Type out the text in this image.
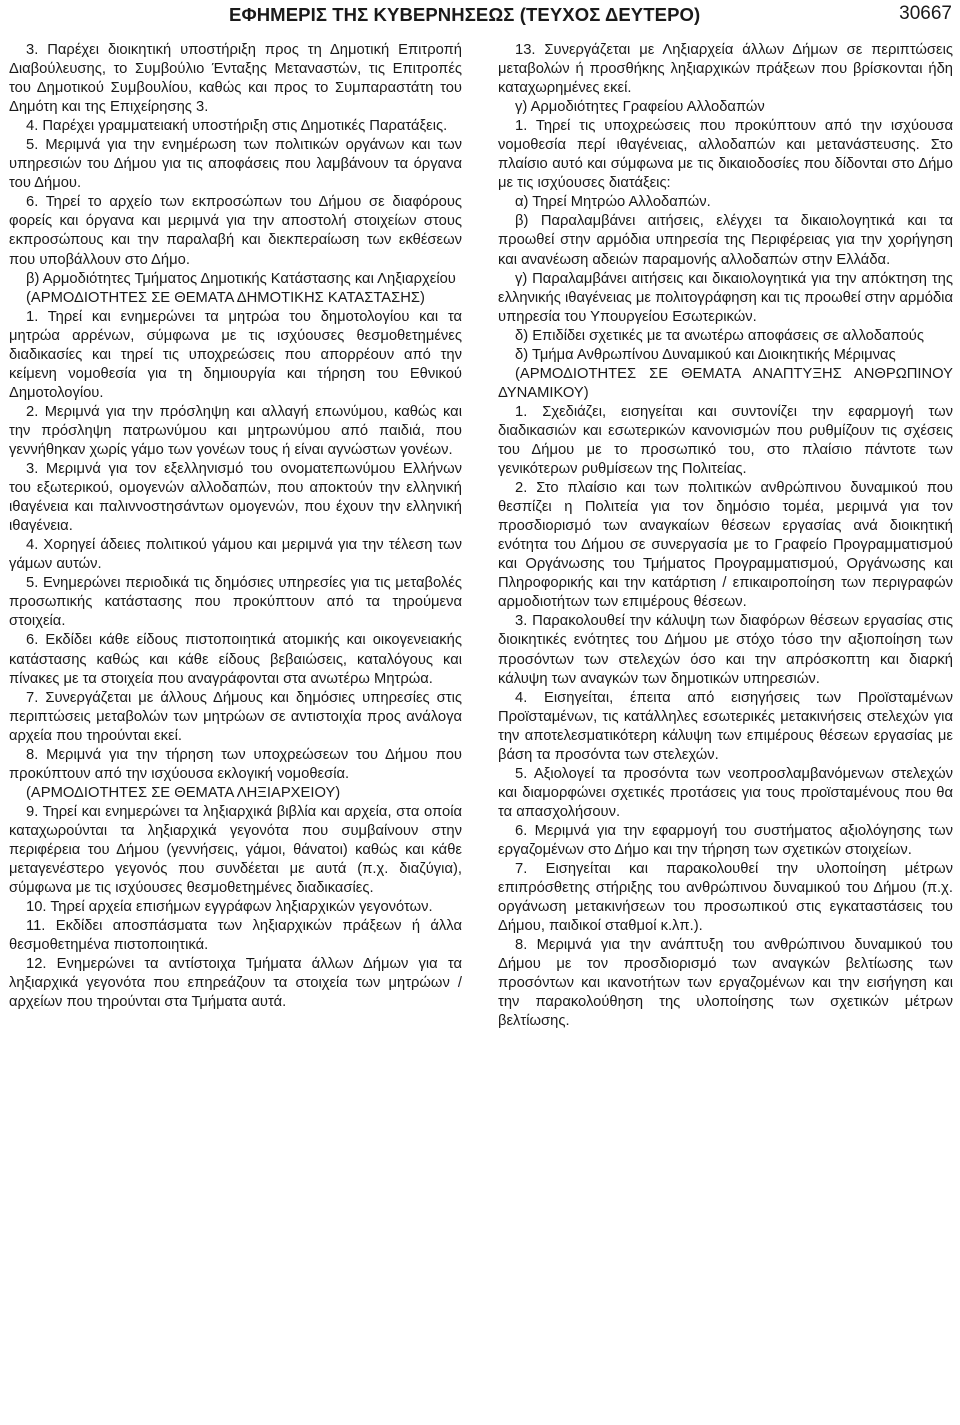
ΕΦΗΜΕΡΙΣ ΤΗΣ ΚΥΒΕΡΝΗΣΕΩΣ (ΤΕΥΧΟΣ ΔΕΥΤΕΡΟ)	30667

3. Παρέχει διοικητική υποστήριξη προς τη Δημοτική Επιτροπή Διαβούλευσης, το Συμβούλιο Ένταξης Μεταναστών, τις Επιτροπές του Δημοτικού Συμβουλίου, καθώς και προς το Συμπαραστάτη του Δημότη και της Επιχείρησης 3.

4. Παρέχει γραμματειακή υποστήριξη στις Δημοτικές Παρατάξεις.

5. Μεριμνά για την ενημέρωση των πολιτικών οργάνων και των υπηρεσιών του Δήμου για τις αποφάσεις που λαμβάνουν τα όργανα του Δήμου.

6. Τηρεί το αρχείο των εκπροσώπων του Δήμου σε διαφόρους φορείς και όργανα και μεριμνά για την αποστολή στοιχείων στους εκπροσώπους και την παραλαβή και διεκπεραίωση των εκθέσεων που υποβάλλουν στο Δήμο.

β) Αρμοδιότητες Τμήματος Δημοτικής Κατάστασης και Ληξιαρχείου

(ΑΡΜΟΔΙΟΤΗΤΕΣ ΣΕ ΘΕΜΑΤΑ ΔΗΜΟΤΙΚΗΣ ΚΑΤΑΣΤΑΣΗΣ)

1. Τηρεί και ενημερώνει τα μητρώα του δημοτολογίου και τα μητρώα αρρένων, σύμφωνα με τις ισχύουσες θεσμοθετημένες διαδικασίες και τηρεί τις υποχρεώσεις που απορρέουν από την κείμενη νομοθεσία για τη δημιουργία και τήρηση του Εθνικού Δημοτολογίου.

2. Μεριμνά για την πρόσληψη και αλλαγή επωνύμου, καθώς και την πρόσληψη πατρωνύμου και μητρωνύμου από παιδιά, που γεννήθηκαν χωρίς γάμο των γονέων τους ή είναι αγνώστων γονέων.

3. Μεριμνά για τον εξελληνισμό του ονοματεπωνύμου Ελλήνων του εξωτερικού, ομογενών αλλοδαπών, που αποκτούν την ελληνική ιθαγένεια και παλιννοστησάντων ομογενών, που έχουν την ελληνική ιθαγένεια.

4. Χορηγεί άδειες πολιτικού γάμου και μεριμνά για την τέλεση των γάμων αυτών.

5. Ενημερώνει περιοδικά τις δημόσιες υπηρεσίες για τις μεταβολές προσωπικής κατάστασης που προκύπτουν από τα τηρούμενα στοιχεία.

6. Εκδίδει κάθε είδους πιστοποιητικά ατομικής και οικογενειακής κατάστασης καθώς και κάθε είδους βεβαιώσεις, καταλόγους και πίνακες με τα στοιχεία που αναγράφονται στα ανωτέρω Μητρώα.

7. Συνεργάζεται με άλλους Δήμους και δημόσιες υπηρεσίες στις περιπτώσεις μεταβολών των μητρώων σε αντιστοιχία προς ανάλογα αρχεία που τηρούνται εκεί.

8. Μεριμνά για την τήρηση των υποχρεώσεων του Δήμου που προκύπτουν από την ισχύουσα εκλογική νομοθεσία.

(ΑΡΜΟΔΙΟΤΗΤΕΣ ΣΕ ΘΕΜΑΤΑ ΛΗΞΙΑΡΧΕΙΟΥ)

9. Τηρεί και ενημερώνει τα ληξιαρχικά βιβλία και αρχεία, στα οποία καταχωρούνται τα ληξιαρχικά γεγονότα που συμβαίνουν στην περιφέρεια του Δήμου (γεννήσεις, γάμοι, θάνατοι) καθώς και κάθε μεταγενέστερο γεγονός που συνδέεται με αυτά (π.χ. διαζύγια), σύμφωνα με τις ισχύουσες θεσμοθετημένες διαδικασίες.

10. Τηρεί αρχεία επισήμων εγγράφων ληξιαρχικών γεγονότων.

11. Εκδίδει αποσπάσματα των ληξιαρχικών πράξεων ή άλλα θεσμοθετημένα πιστοποιητικά.

12. Ενημερώνει τα αντίστοιχα Τμήματα άλλων Δήμων για τα ληξιαρχικά γεγονότα που επηρεάζουν τα στοιχεία των μητρώων / αρχείων που τηρούνται στα Τμήματα αυτά.

13. Συνεργάζεται με Ληξιαρχεία άλλων Δήμων σε περιπτώσεις μεταβολών ή προσθήκης ληξιαρχικών πράξεων που βρίσκονται ήδη καταχωρημένες εκεί.

γ) Αρμοδιότητες Γραφείου Αλλοδαπών

1. Τηρεί τις υποχρεώσεις που προκύπτουν από την ισχύουσα νομοθεσία περί ιθαγένειας, αλλοδαπών και μετανάστευσης. Στο πλαίσιο αυτό και σύμφωνα με τις δικαιοδοσίες που δίδονται στο Δήμο με τις ισχύουσες διατάξεις:

α) Τηρεί Μητρώο Αλλοδαπών.

β) Παραλαμβάνει αιτήσεις, ελέγχει τα δικαιολογητικά και τα προωθεί στην αρμόδια υπηρεσία της Περιφέρειας για την χορήγηση και ανανέωση αδειών παραμονής αλλοδαπών στην Ελλάδα.

γ) Παραλαμβάνει αιτήσεις και δικαιολογητικά για την απόκτηση της ελληνικής ιθαγένειας με πολιτογράφηση και τις προωθεί στην αρμόδια υπηρεσία του Υπουργείου Εσωτερικών.

δ) Επιδίδει σχετικές με τα ανωτέρω αποφάσεις σε αλλοδαπούς

δ) Τμήμα Ανθρωπίνου Δυναμικού και Διοικητικής Μέριμνας

(ΑΡΜΟΔΙΟΤΗΤΕΣ ΣΕ ΘΕΜΑΤΑ ΑΝΑΠΤΥΞΗΣ ΑΝΘΡΩΠΙΝΟΥ ΔΥΝΑΜΙΚΟΥ)

1. Σχεδιάζει, εισηγείται και συντονίζει την εφαρμογή των διαδικασιών και εσωτερικών κανονισμών που ρυθμίζουν τις σχέσεις του Δήμου με το προσωπικό του, στο πλαίσιο πάντοτε των γενικότερων ρυθμίσεων της Πολιτείας.

2. Στο πλαίσιο και των πολιτικών ανθρώπινου δυναμικού που θεσπίζει η Πολιτεία για τον δημόσιο τομέα, μεριμνά για τον προσδιορισμό των αναγκαίων θέσεων εργασίας ανά διοικητική ενότητα του Δήμου σε συνεργασία με το Γραφείο Προγραμματισμού και Οργάνωσης του Τμήματος Προγραμματισμού, Οργάνωσης και Πληροφορικής και την κατάρτιση / επικαιροποίηση των περιγραφών αρμοδιοτήτων των επιμέρους θέσεων.

3. Παρακολουθεί την κάλυψη των διαφόρων θέσεων εργασίας στις διοικητικές ενότητες του Δήμου με στόχο τόσο την αξιοποίηση των προσόντων των στελεχών όσο και την απρόσκοπτη και διαρκή κάλυψη των αναγκών των δημοτικών υπηρεσιών.

4. Εισηγείται, έπειτα από εισηγήσεις των Προϊσταμένων Προϊσταμένων, τις κατάλληλες εσωτερικές μετακινήσεις στελεχών για την αποτελεσματικότερη κάλυψη των επιμέρους θέσεων εργασίας με βάση τα προσόντα των στελεχών.

5. Αξιολογεί τα προσόντα των νεοπροσλαμβανόμενων στελεχών και διαμορφώνει σχετικές προτάσεις για τους προϊσταμένους που θα τα απασχολήσουν.

6. Μεριμνά για την εφαρμογή του συστήματος αξιολόγησης των εργαζομένων στο Δήμο και την τήρηση των σχετικών στοιχείων.

7. Εισηγείται και παρακολουθεί την υλοποίηση μέτρων επιπρόσθετης στήριξης του ανθρώπινου δυναμικού του Δήμου (π.χ. οργάνωση μετακινήσεων του προσωπικού στις εγκαταστάσεις του Δήμου, παιδικοί σταθμοί κ.λπ.).

8. Μεριμνά για την ανάπτυξη του ανθρώπινου δυναμικού του Δήμου με τον προσδιορισμό των αναγκών βελτίωσης των προσόντων και ικανοτήτων των εργαζομένων και την εισήγηση και την παρακολούθηση της υλοποίησης των σχετικών μέτρων βελτίωσης.
